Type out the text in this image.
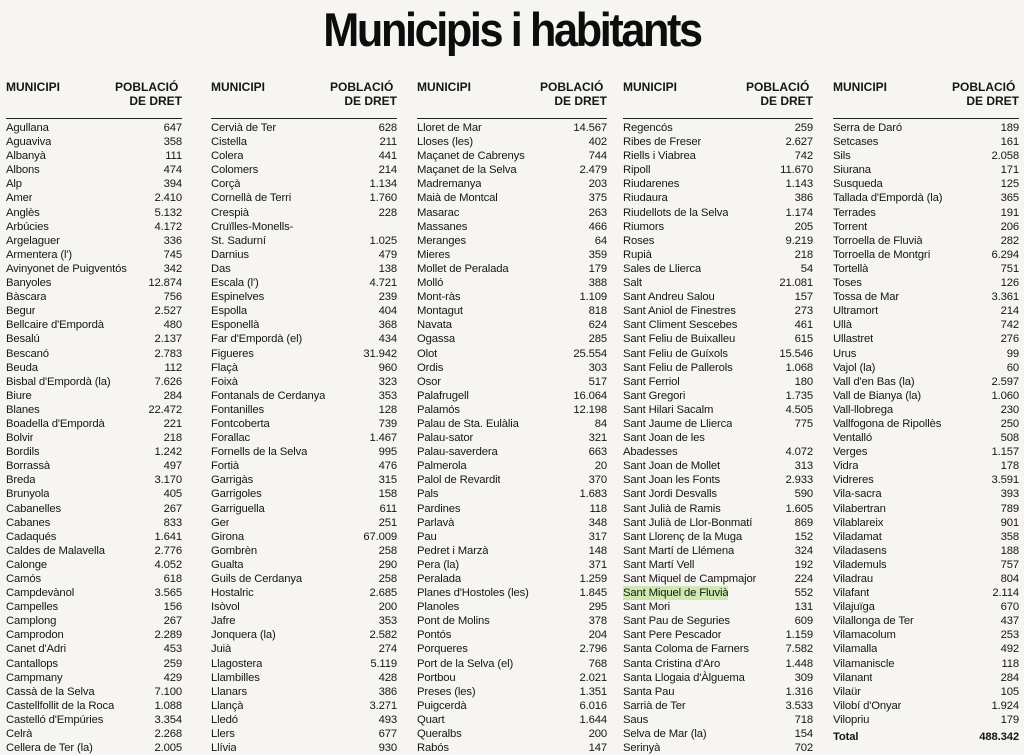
Municipis i habitants
MUNICIPI	POBLACIÓ
DE DRET
Agullana	647
Aguaviva	358
Albanyà	111
Albons	474
Alp	394
Amer	2.410
Anglès	5.132
Arbúcies	4.172
Argelaguer	336
Armentera (l')	745
Avinyonet de Puigventós	342
Banyoles	12.874
Bàscara	756
Begur	2.527
Bellcaire d'Empordà	480
Besalú	2.137
Bescanó	2.783
Beuda	112
Bisbal d'Empordà (la)	7.626
Biure	284
Blanes	22.472
Boadella d'Empordà	221
Bolvir	218
Bordils	1.242
Borrassà	497
Breda	3.170
Brunyola	405
Cabanelles	267
Cabanes	833
Cadaqués	1.641
Caldes de Malavella	2.776
Calonge	4.052
Camós	618
Campdevànol	3.565
Campelles	156
Camplong	267
Camprodon	2.289
Canet d'Adri	453
Cantallops	259
Campmany	429
Cassà de la Selva	7.100
Castellfollit de la Roca	1.088
Castelló d'Empúries	3.354
Celrà	2.268
Cellera de Ter (la)	2.005
MUNICIPI	POBLACIÓ
DE DRET
Cervià de Ter	628
Cistella	211
Colera	441
Colomers	214
Corçà	1.134
Cornellà de Terri	1.760
Crespià	228
Cruïlles-Monells-
St. Sadurní	1.025
Darnius	479
Das	138
Escala (l')	4.721
Espinelves	239
Espolla	404
Esponellà	368
Far d'Empordà (el)	434
Figueres	31.942
Flaçà	960
Foixà	323
Fontanals de Cerdanya	353
Fontanilles	128
Fontcoberta	739
Forallac	1.467
Fornells de la Selva	995
Fortià	476
Garrigàs	315
Garrigoles	158
Garriguella	611
Ger	251
Girona	67.009
Gombrèn	258
Gualta	290
Guils de Cerdanya	258
Hostalric	2.685
Isòvol	200
Jafre	353
Jonquera (la)	2.582
Juià	274
Llagostera	5.119
Llambilles	428
Llanars	386
Llançà	3.271
Lledó	493
Llers	677
Llívia	930
MUNICIPI	POBLACIÓ
DE DRET
Lloret de Mar	14.567
Lloses (les)	402
Maçanet de Cabrenys	744
Maçanet de la Selva	2.479
Madremanya	203
Maià de Montcal	375
Masarac	263
Massanes	466
Meranges	64
Mieres	359
Mollet de Peralada	179
Molló	388
Mont-ràs	1.109
Montagut	818
Navata	624
Ogassa	285
Olot	25.554
Ordis	303
Osor	517
Palafrugell	16.064
Palamós	12.198
Palau de Sta. Eulàlia	84
Palau-sator	321
Palau-saverdera	663
Palmerola	20
Palol de Revardit	370
Pals	1.683
Pardines	118
Parlavà	348
Pau	317
Pedret i Marzà	148
Pera (la)	371
Peralada	1.259
Planes d'Hostoles (les)	1.845
Planoles	295
Pont de Molins	378
Pontós	204
Porqueres	2.796
Port de la Selva (el)	768
Portbou	2.021
Preses (les)	1.351
Puigcerdà	6.016
Quart	1.644
Queralbs	200
Rabós	147
MUNICIPI	POBLACIÓ
DE DRET
Regencós	259
Ribes de Freser	2.627
Riells i Viabrea	742
Ripoll	11.670
Riudarenes	1.143
Riudaura	386
Riudellots de la Selva	1.174
Riumors	205
Roses	9.219
Rupià	218
Sales de Llierca	54
Salt	21.081
Sant Andreu Salou	157
Sant Aniol de Finestres	273
Sant Climent Sescebes	461
Sant Feliu de Buixalleu	615
Sant Feliu de Guíxols	15.546
Sant Feliu de Pallerols	1.068
Sant Ferriol	180
Sant Gregori	1.735
Sant Hilari Sacalm	4.505
Sant Jaume de Llierca	775
Sant Joan de les
Abadesses	4.072
Sant Joan de Mollet	313
Sant Joan les Fonts	2.933
Sant Jordi Desvalls	590
Sant Julià de Ramis	1.605
Sant Julià de Llor-Bonmatí	869
Sant Llorenç de la Muga	152
Sant Martí de Llémena	324
Sant Martí Vell	192
Sant Miquel de Campmajor	224
Sant Miquel de Fluvià	552
Sant Mori	131
Sant Pau de Seguries	609
Sant Pere Pescador	1.159
Santa Coloma de Farners	7.582
Santa Cristina d'Aro	1.448
Santa Llogaia d'Àlguema	309
Santa Pau	1.316
Sarrià de Ter	3.533
Saus	718
Selva de Mar (la)	154
Serinyà	702
MUNICIPI	POBLACIÓ
DE DRET
Serra de Daró	189
Setcases	161
Sils	2.058
Siurana	171
Susqueda	125
Tallada d'Empordà (la)	365
Terrades	191
Torrent	206
Torroella de Fluvià	282
Torroella de Montgrí	6.294
Tortellà	751
Toses	126
Tossa de Mar	3.361
Ultramort	214
Ullà	742
Ullastret	276
Urus	99
Vajol (la)	60
Vall d'en Bas (la)	2.597
Vall de Bianya (la)	1.060
Vall-llobrega	230
Vallfogona de Ripollès	250
Ventalló	508
Verges	1.157
Vidra	178
Vidreres	3.591
Vila-sacra	393
Vilabertran	789
Vilablareix	901
Viladamat	358
Viladasens	188
Vilademuls	757
Viladrau	804
Vilafant	2.114
Vilajuïga	670
Vilallonga de Ter	437
Vilamacolum	253
Vilamalla	492
Vilamaniscle	118
Vilanant	284
Vilaür	105
Vilobí d'Onyar	1.924
Vilopriu	179
Total	488.342
